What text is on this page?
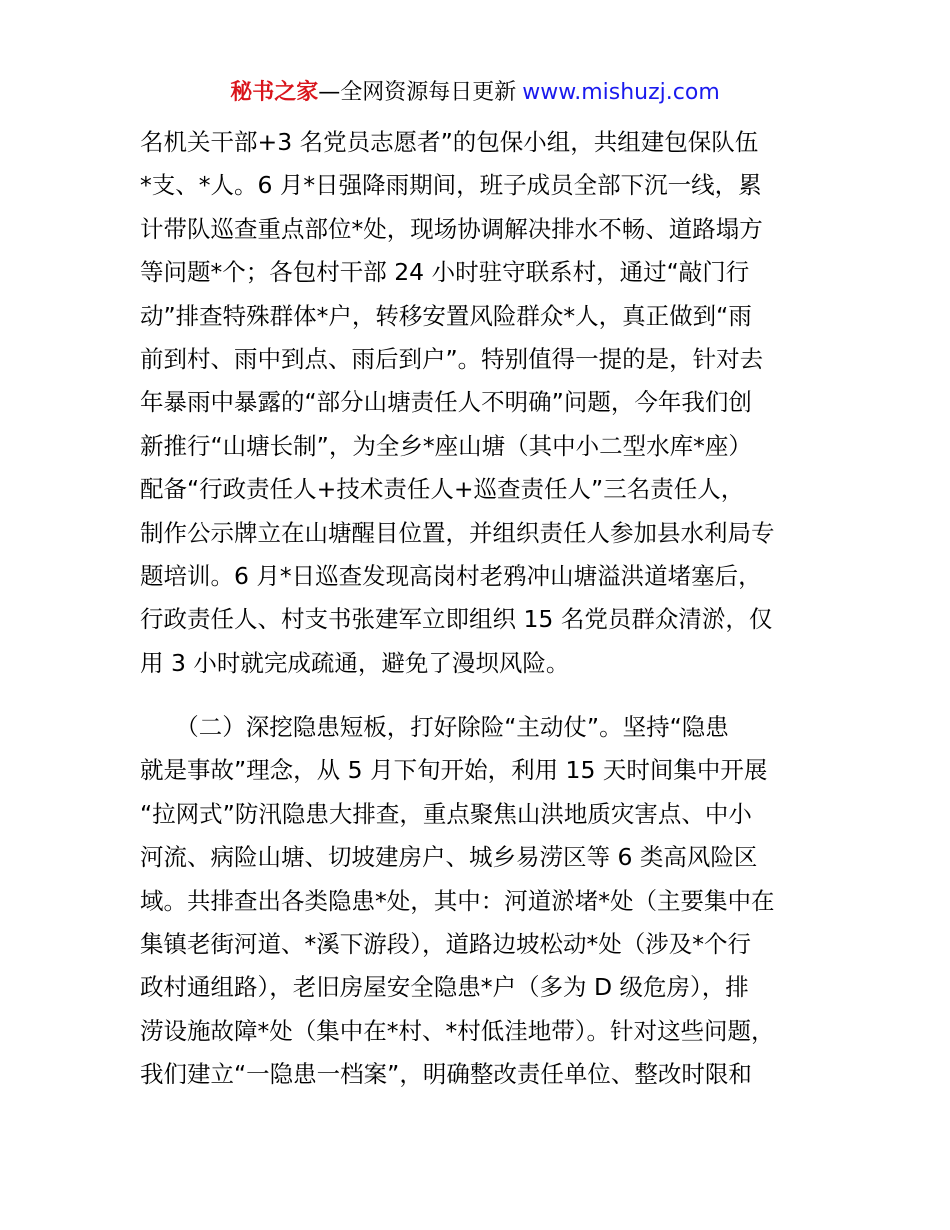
秘书之家—全网资源每日更新 www.mishuzj.com
名机关干部+3 名党员志愿者”的包保小组，共组建包保队伍
*支、*人。6 月*日强降雨期间，班子成员全部下沉一线，累
计带队巡查重点部位*处，现场协调解决排水不畅、道路塌方
等问题*个；各包村干部 24 小时驻守联系村，通过“敲门行
动”排查特殊群体*户，转移安置风险群众*人，真正做到“雨
前到村、雨中到点、雨后到户”。特别值得一提的是，针对去
年暴雨中暴露的“部分山塘责任人不明确”问题，今年我们创
新推行“山塘长制”，为全乡*座山塘（其中小二型水库*座）
配备“行政责任人+技术责任人+巡查责任人”三名责任人，
制作公示牌立在山塘醒目位置，并组织责任人参加县水利局专
题培训。6 月*日巡查发现高岗村老鸦冲山塘溢洪道堵塞后，
行政责任人、村支书张建军立即组织 15 名党员群众清淤，仅
用 3 小时就完成疏通，避免了漫坝风险。
　　（二）深挖隐患短板，打好除险“主动仗”。坚持“隐患
就是事故”理念，从 5 月下旬开始，利用 15 天时间集中开展
“拉网式”防汛隐患大排查，重点聚焦山洪地质灾害点、中小
河流、病险山塘、切坡建房户、城乡易涝区等 6 类高风险区
域。共排查出各类隐患*处，其中：河道淤堵*处（主要集中在
集镇老街河道、*溪下游段），道路边坡松动*处（涉及*个行
政村通组路），老旧房屋安全隐患*户（多为 D 级危房），排
涝设施故障*处（集中在*村、*村低洼地带）。针对这些问题，
我们建立“一隐患一档案”，明确整改责任单位、整改时限和
